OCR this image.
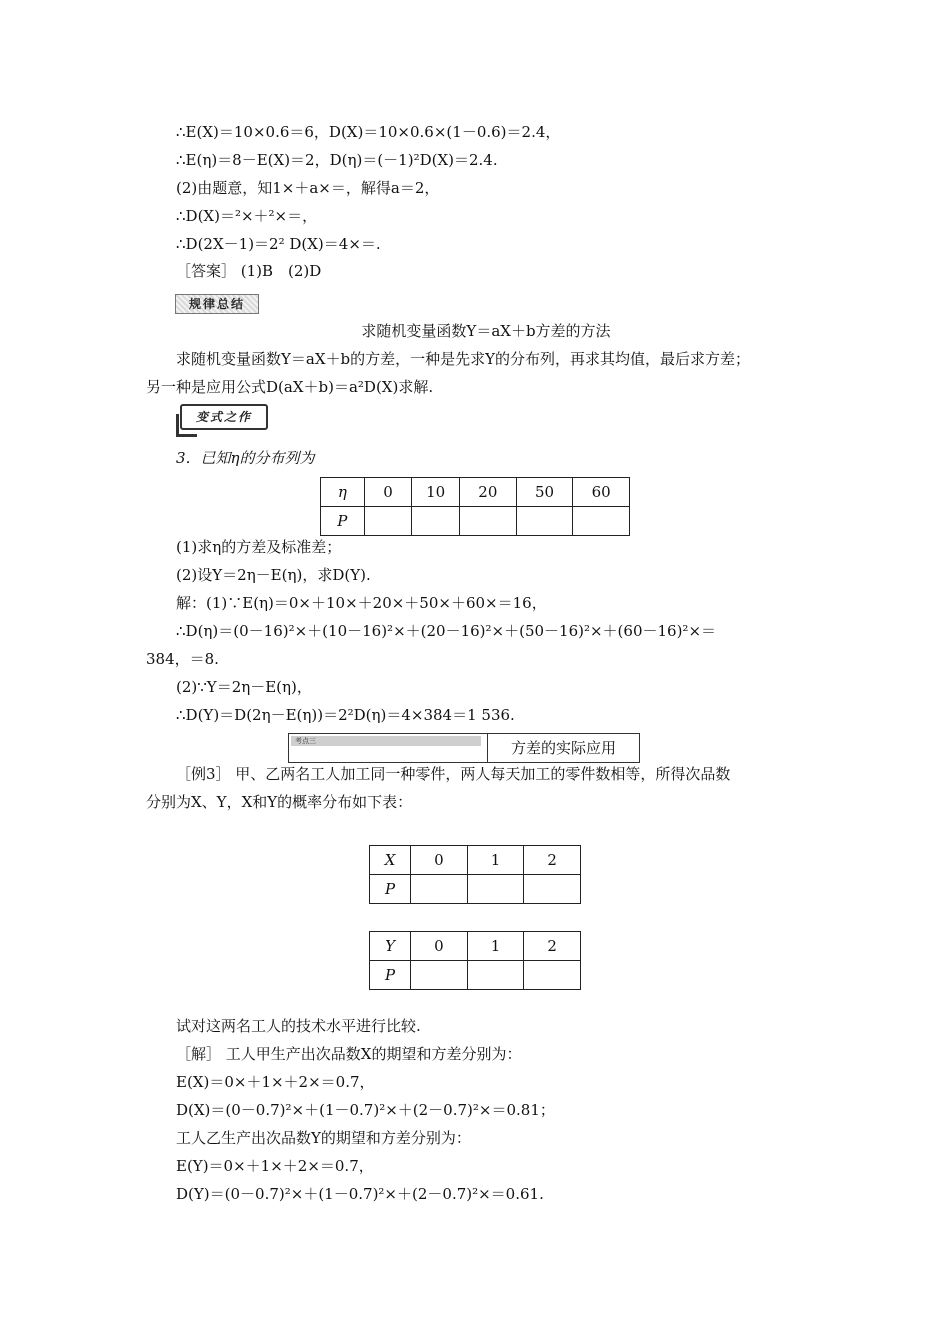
∴E(X)＝10×0.6＝6，D(X)＝10×0.6×(1－0.6)＝2.4，
∴E(η)＝8－E(X)＝2，D(η)＝(－1)²D(X)＝2.4.
(2)由题意，知1×＋a×＝，解得a＝2，
∴D(X)＝²×＋²×＝，
∴D(2X－1)＝2² D(X)＝4×＝.
［答案］ (1)B　(2)D
规律总结
求随机变量函数Y＝aX＋b方差的方法
求随机变量函数Y＝aX＋b的方差，一种是先求Y的分布列，再求其均值，最后求方差；
另一种是应用公式D(aX＋b)＝a²D(X)求解.
变式之作
3．已知η的分布列为
η	0	10	20	50	60
P					
(1)求η的方差及标准差；
(2)设Y＝2η－E(η)，求D(Y).
解：(1)∵E(η)＝0×＋10×＋20×＋50×＋60×＝16，
∴D(η)＝(0－16)²×＋(10－16)²×＋(20－16)²×＋(50－16)²×＋(60－16)²×＝
384，＝8.
(2)∵Y＝2η－E(η)，
∴D(Y)＝D(2η－E(η))＝2²D(η)＝4×384＝1 536.
考点三	方差的实际应用
［例3］ 甲、乙两名工人加工同一种零件，两人每天加工的零件数相等，所得次品数
分别为X、Y，X和Y的概率分布如下表：
X	0	1	2
P			
Y	0	1	2
P			
试对这两名工人的技术水平进行比较.
［解］ 工人甲生产出次品数X的期望和方差分别为：
E(X)＝0×＋1×＋2×＝0.7，
D(X)＝(0－0.7)²×＋(1－0.7)²×＋(2－0.7)²×＝0.81；
工人乙生产出次品数Y的期望和方差分别为：
E(Y)＝0×＋1×＋2×＝0.7，
D(Y)＝(0－0.7)²×＋(1－0.7)²×＋(2－0.7)²×＝0.61.
